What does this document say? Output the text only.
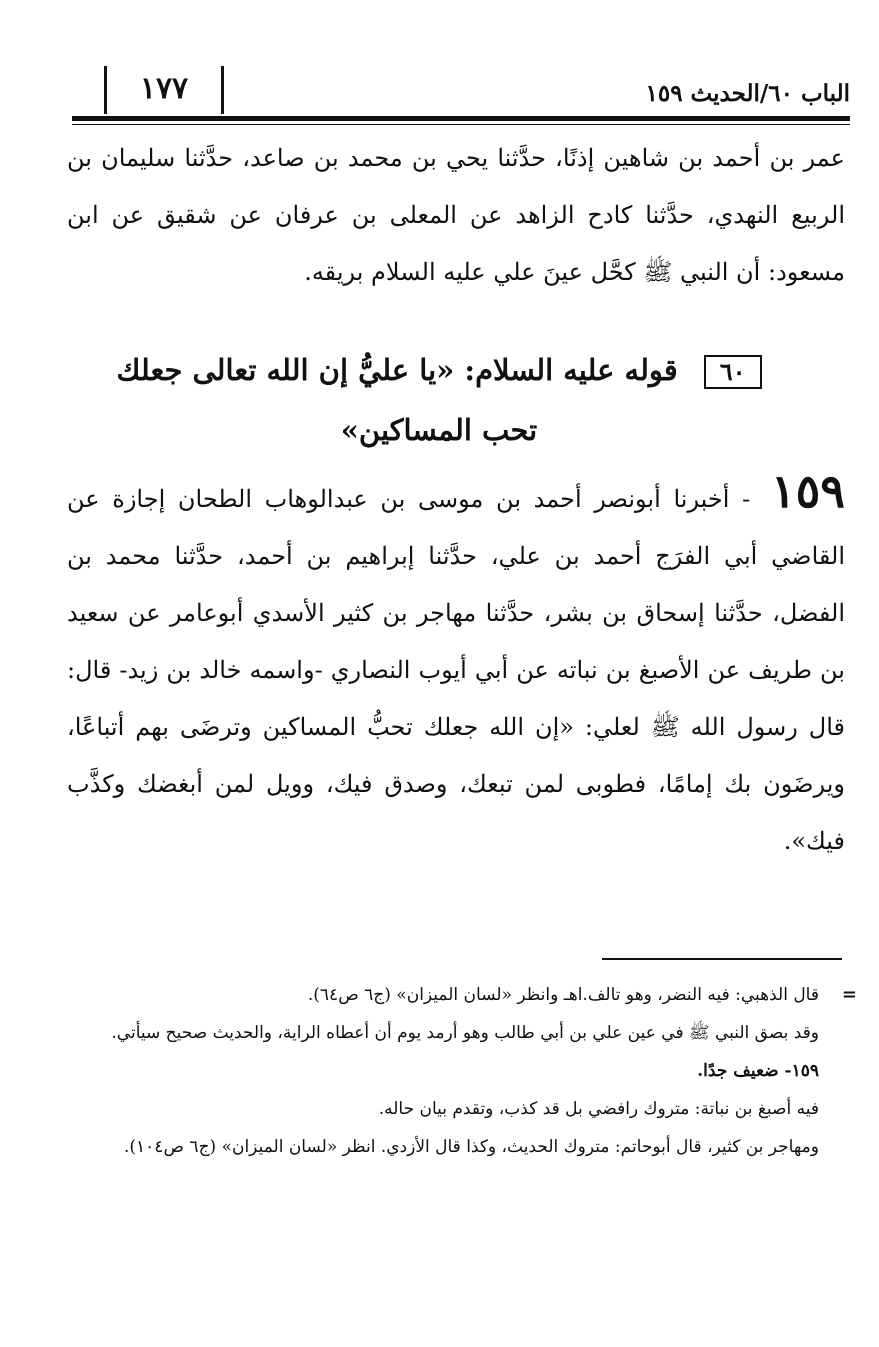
الباب ٦٠/الحديث ١٥٩
١٧٧
عمر بن أحمد بن شاهين إذنًا، حدَّثنا يحي بن محمد بن صاعد، حدَّثنا سليمان بن الربيع النهدي، حدَّثنا كادح الزاهد عن المعلى بن عرفان عن شقيق عن ابن مسعود: أن النبي ﷺ كحَّل عينَ علي عليه السلام بريقه.
٦٠قوله عليه السلام: «يا عليُّ إن الله تعالى جعلك تحب المساكين»
١٥٩ - أخبرنا أبونصر أحمد بن موسى بن عبدالوهاب الطحان إجازة عن القاضي أبي الفرَج أحمد بن علي، حدَّثنا إبراهيم بن أحمد، حدَّثنا محمد بن الفضل، حدَّثنا إسحاق بن بشر، حدَّثنا مهاجر بن كثير الأسدي أبوعامر عن سعيد بن طريف عن الأصبغ بن نباته عن أبي أيوب النصاري -واسمه خالد بن زيد- قال: قال رسول الله ﷺ لعلي: «إن الله جعلك تحبُّ المساكين وترضَى بهم أتباعًا، ويرضَون بك إمامًا، فطوبى لمن تبعك، وصدق فيك، وويل لمن أبغضك وكذَّب فيك».
=

قال الذهبي: فيه النضر، وهو تالف.اهـ وانظر «لسان الميزان» (ج٦ ص٦٤).

وقد بصق النبي ﷺ في عين علي بن أبي طالب وهو أرمد يوم أن أعطاه الراية، والحديث صحيح سيأتي.

١٥٩- ضعيف جدًا.

فيه أصبغ بن نباتة: متروك رافضي بل قد كذب، وتقدم بيان حاله.

ومهاجر بن كثير، قال أبوحاتم: متروك الحديث، وكذا قال الأزدي. انظر «لسان الميزان» (ج٦ ص١٠٤).
